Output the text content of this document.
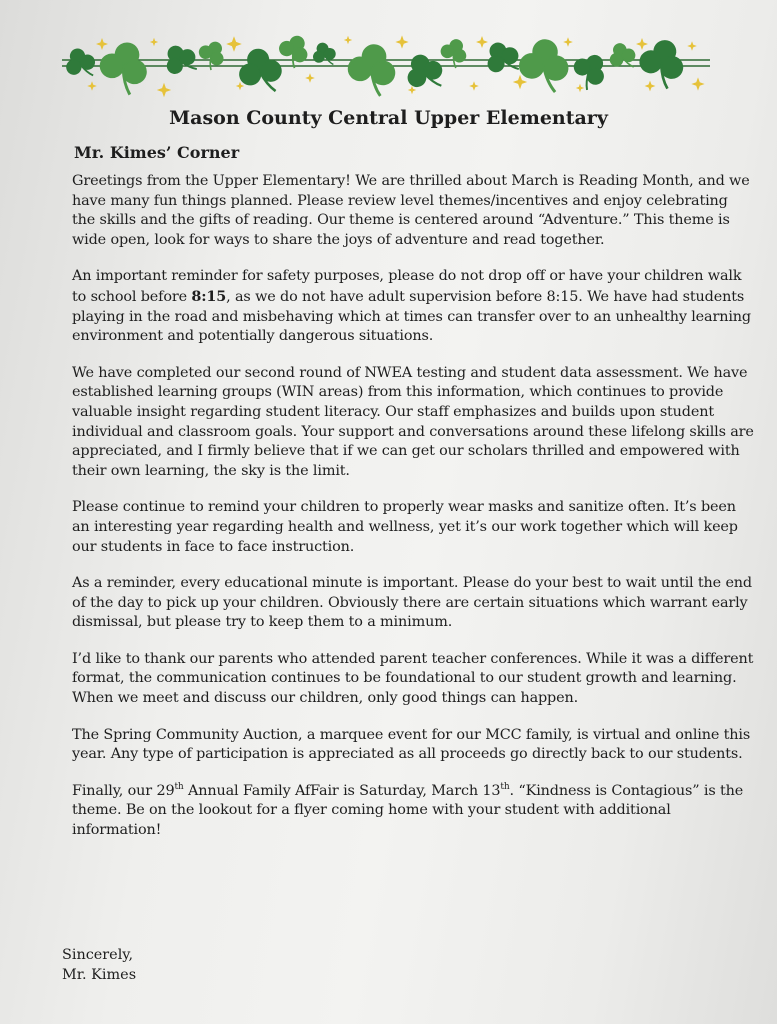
Mason County Central Upper Elementary
Mr. Kimes’ Corner

Greetings from the Upper Elementary! We are thrilled about March is Reading Month, and we have many fun things planned. Please review level themes/incentives and enjoy celebrating the skills and the gifts of reading. Our theme is centered around “Adventure.” This theme is wide open, look for ways to share the joys of adventure and read together.

An important reminder for safety purposes, please do not drop off or have your children walk to school before 8:15, as we do not have adult supervision before 8:15. We have had students playing in the road and misbehaving which at times can transfer over to an unhealthy learning environment and potentially dangerous situations.

We have completed our second round of NWEA testing and student data assessment. We have established learning groups (WIN areas) from this information, which continues to provide valuable insight regarding student literacy. Our staff emphasizes and builds upon student individual and classroom goals. Your support and conversations around these lifelong skills are appreciated, and I firmly believe that if we can get our scholars thrilled and empowered with their own learning, the sky is the limit.

Please continue to remind your children to properly wear masks and sanitize often. It’s been an interesting year regarding health and wellness, yet it’s our work together which will keep our students in face to face instruction.

As a reminder, every educational minute is important. Please do your best to wait until the end of the day to pick up your children. Obviously there are certain situations which warrant early dismissal, but please try to keep them to a minimum.

I’d like to thank our parents who attended parent teacher conferences. While it was a different format, the communication continues to be foundational to our student growth and learning. When we meet and discuss our children, only good things can happen.

The Spring Community Auction, a marquee event for our MCC family, is virtual and online this year. Any type of participation is appreciated as all proceeds go directly back to our students.

Finally, our 29th Annual Family AfFair is Saturday, March 13th. “Kindness is Contagious” is the theme. Be on the lookout for a flyer coming home with your student with additional information!

Sincerely,
Mr. Kimes
